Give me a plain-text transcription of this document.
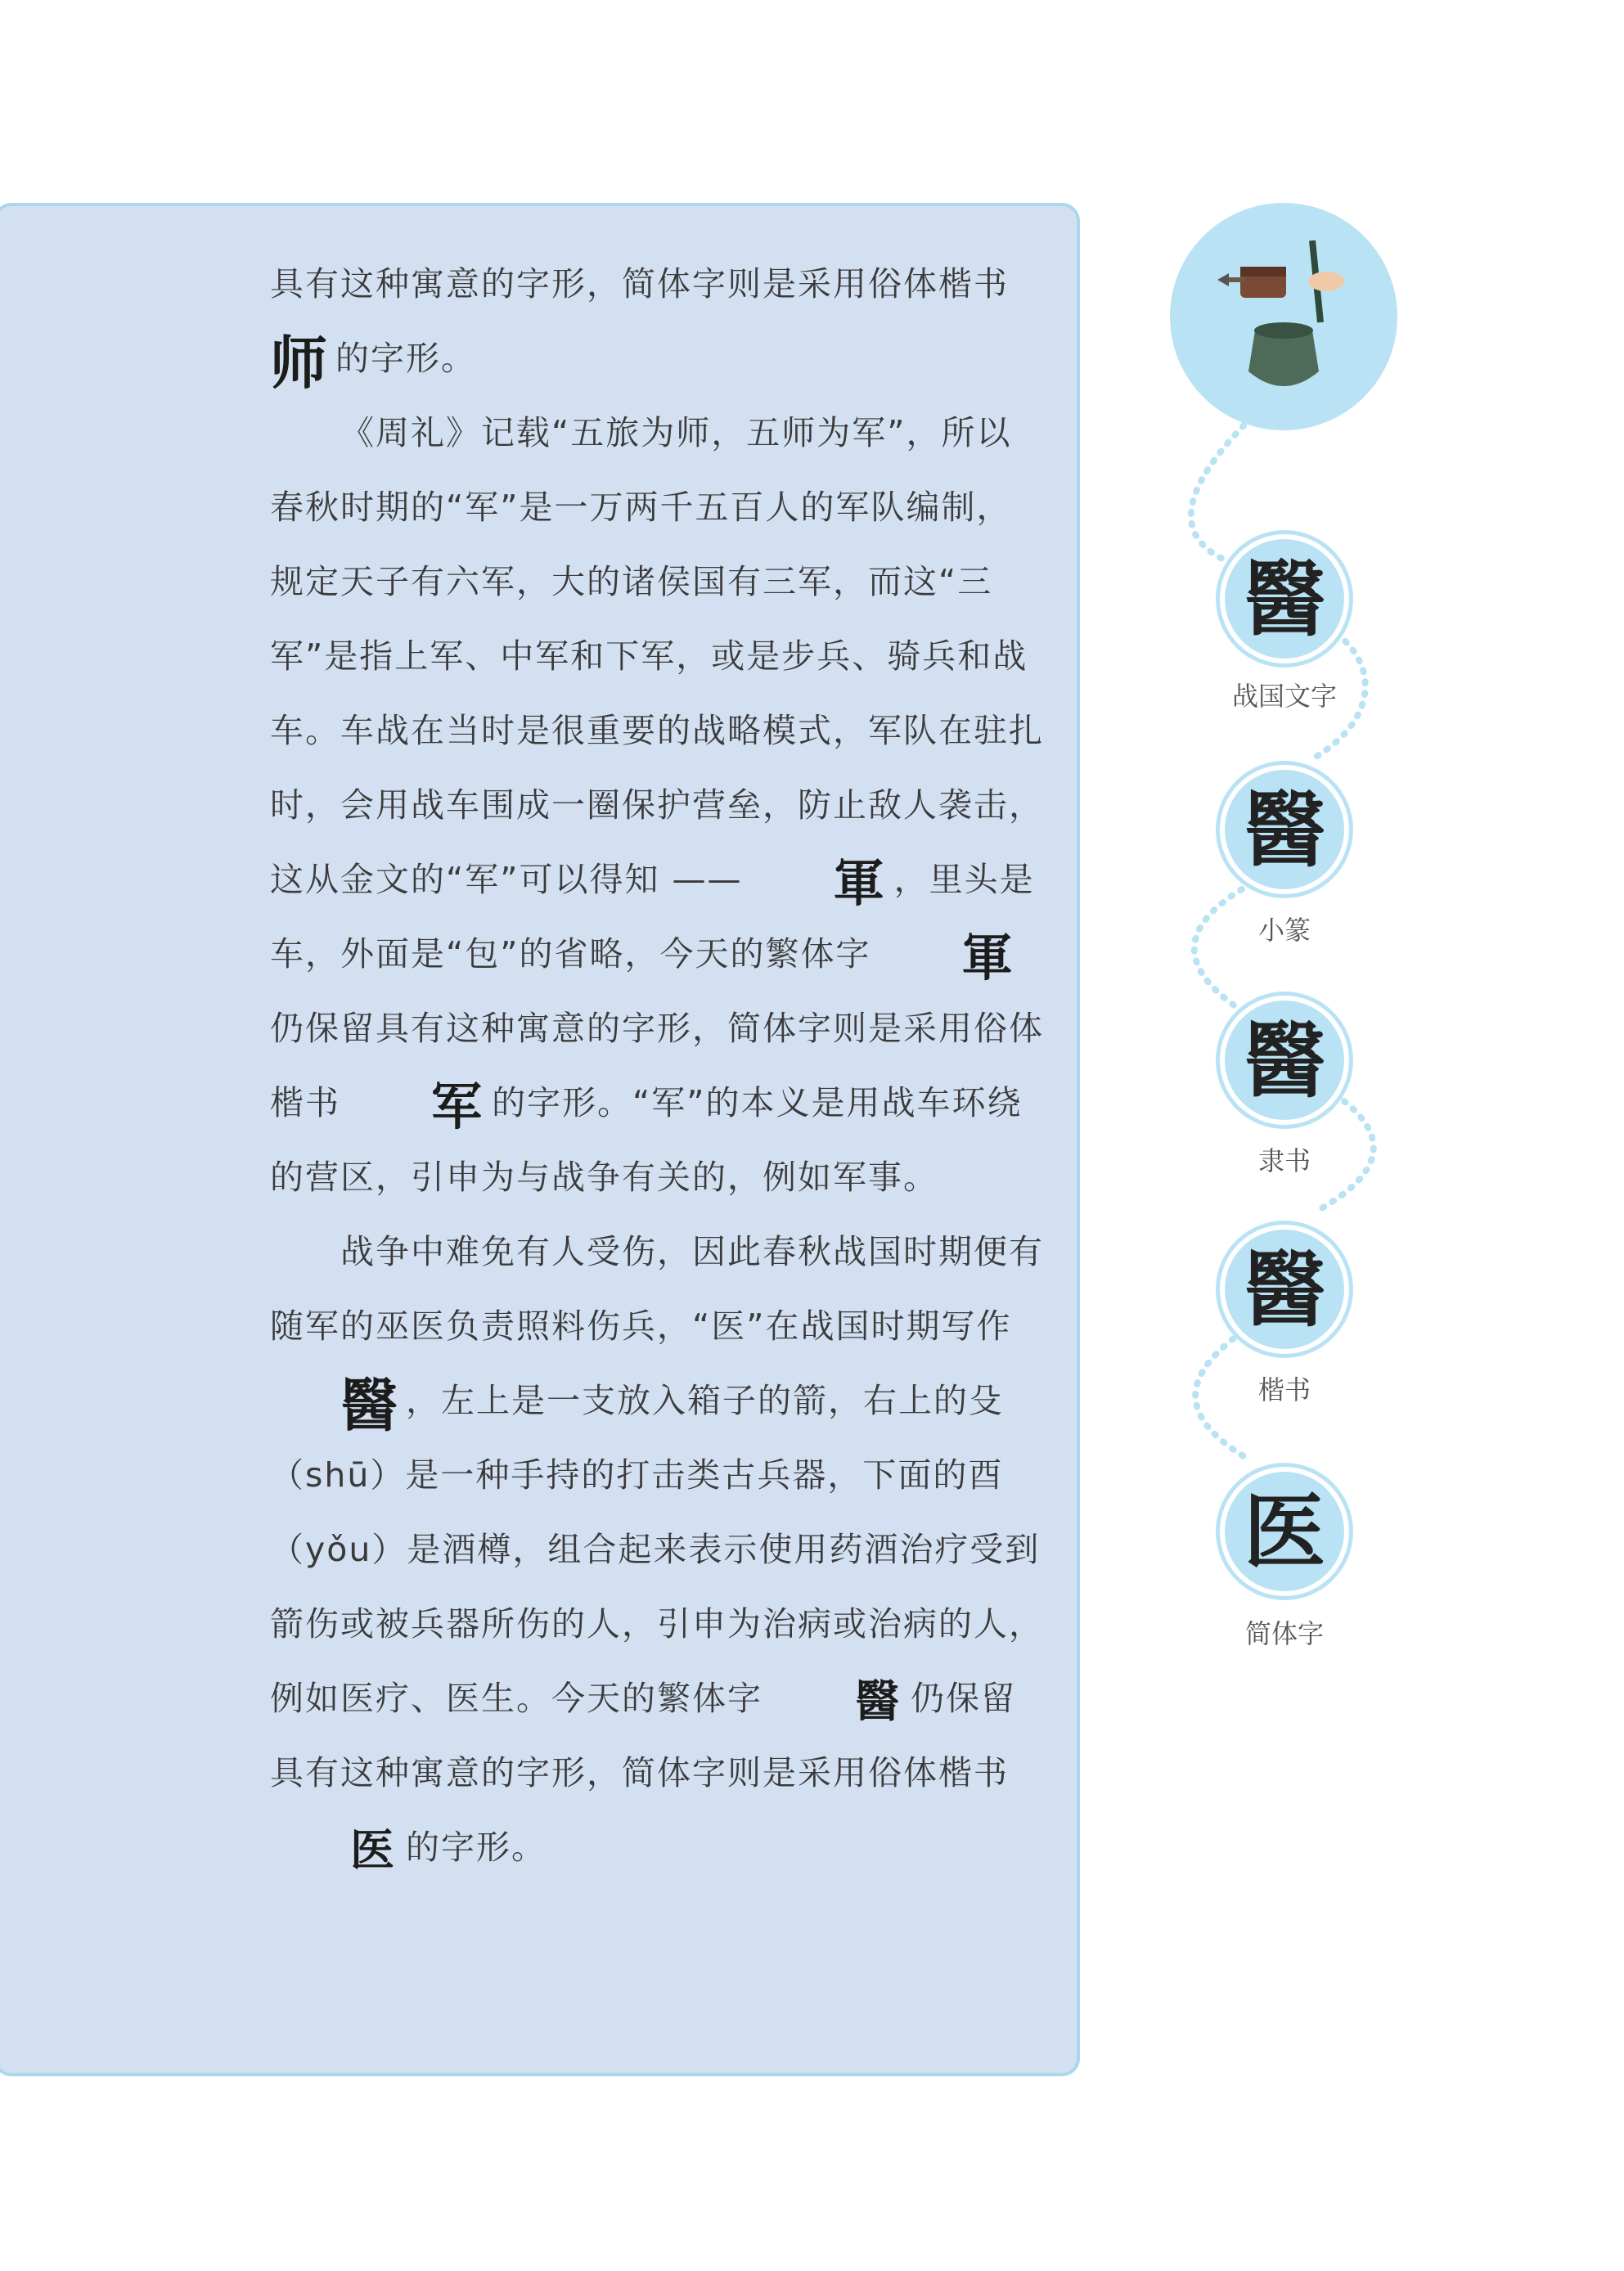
醫
战国文字
醫
小篆
醫
隶书
醫
楷书
医
简体字

具有这种寓意的字形，简体字则是采用俗体楷书 师 的字形。

《周礼》记载“五旅为师，五师为军”，所以春秋时期的“军”是一万两千五百人的军队编制，规定天子有六军，大的诸侯国有三军，而这“三军”是指上军、中军和下军，或是步兵、骑兵和战车。车战在当时是很重要的战略模式，军队在驻扎时，会用战车围成一圈保护营垒，防止敌人袭击，这从金文的“军”可以得知 —— 軍 ，里头是车，外面是“包”的省略，今天的繁体字 軍仍保留具有这种寓意的字形，简体字则是采用俗体楷书 军 的字形。“军”的本义是用战车环绕的营区，引申为与战争有关的，例如军事。

战争中难免有人受伤，因此春秋战国时期便有随军的巫医负责照料伤兵，“医”在战国时期写作 醫 ，左上是一支放入箱子的箭，右上的殳（shū）是一种手持的打击类古兵器，下面的酉（yǒu）是酒樽，组合起来表示使用药酒治疗受到箭伤或被兵器所伤的人，引申为治病或治病的人，例如医疗、医生。今天的繁体字 醫 仍保留具有这种寓意的字形，简体字则是采用俗体楷书 医 的字形。
